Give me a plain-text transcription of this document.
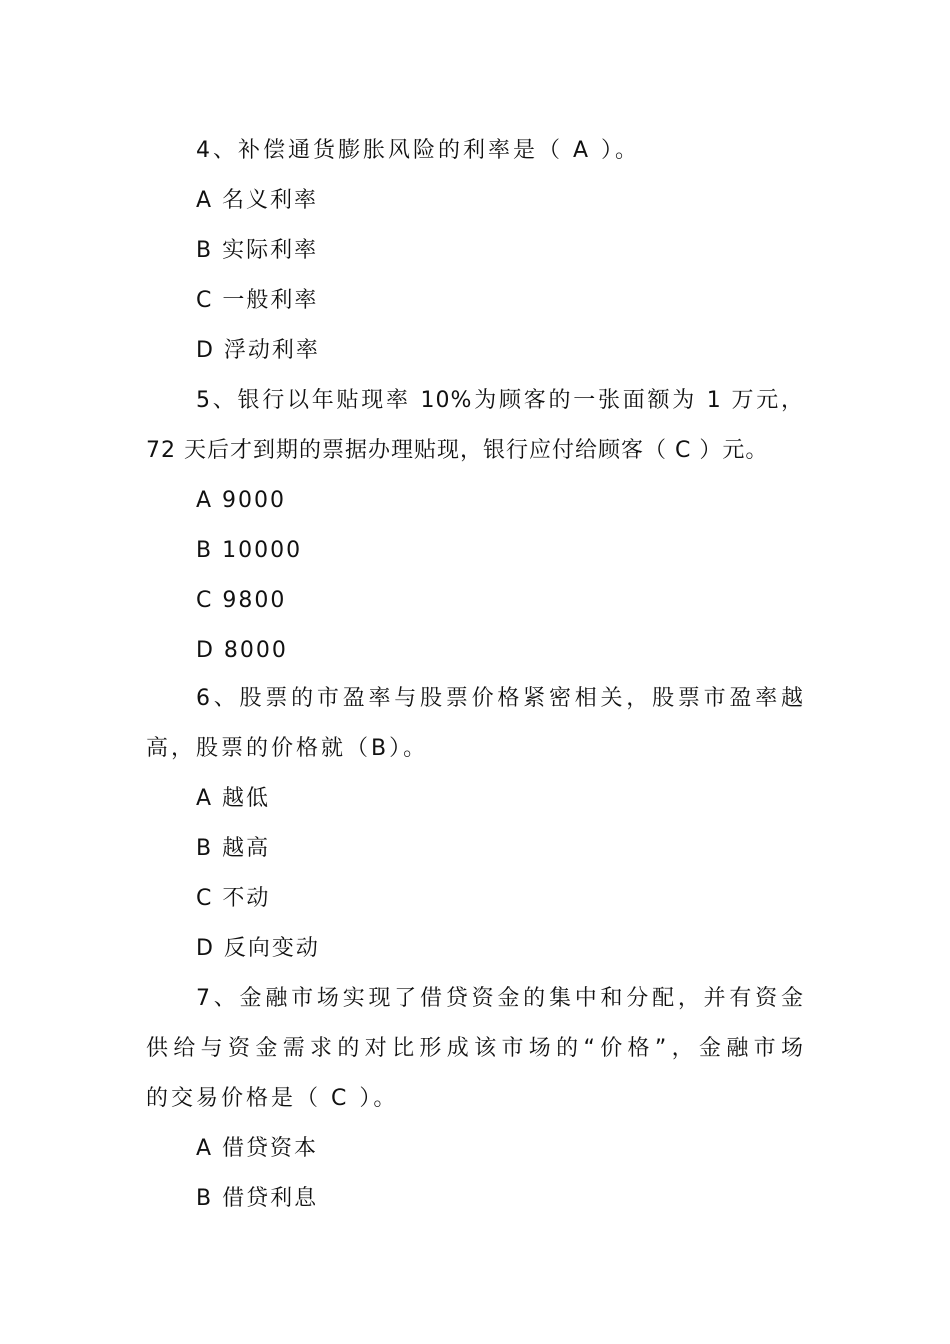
4、补偿通货膨胀风险的利率是（ A ）。
A 名义利率
B 实际利率
C 一般利率
D 浮动利率
5、银行以年贴现率 10%为顾客的一张面额为 1 万元，
72 天后才到期的票据办理贴现，银行应付给顾客（ C ）元。
A 9000
B 10000
C 9800
D 8000
6、股票的市盈率与股票价格紧密相关，股票市盈率越
高，股票的价格就（B）。
A 越低
B 越高
C 不动
D 反向变动
7、金融市场实现了借贷资金的集中和分配，并有资金
供给与资金需求的对比形成该市场的“价格”，金融市场
的交易价格是（ C ）。
A 借贷资本
B 借贷利息
